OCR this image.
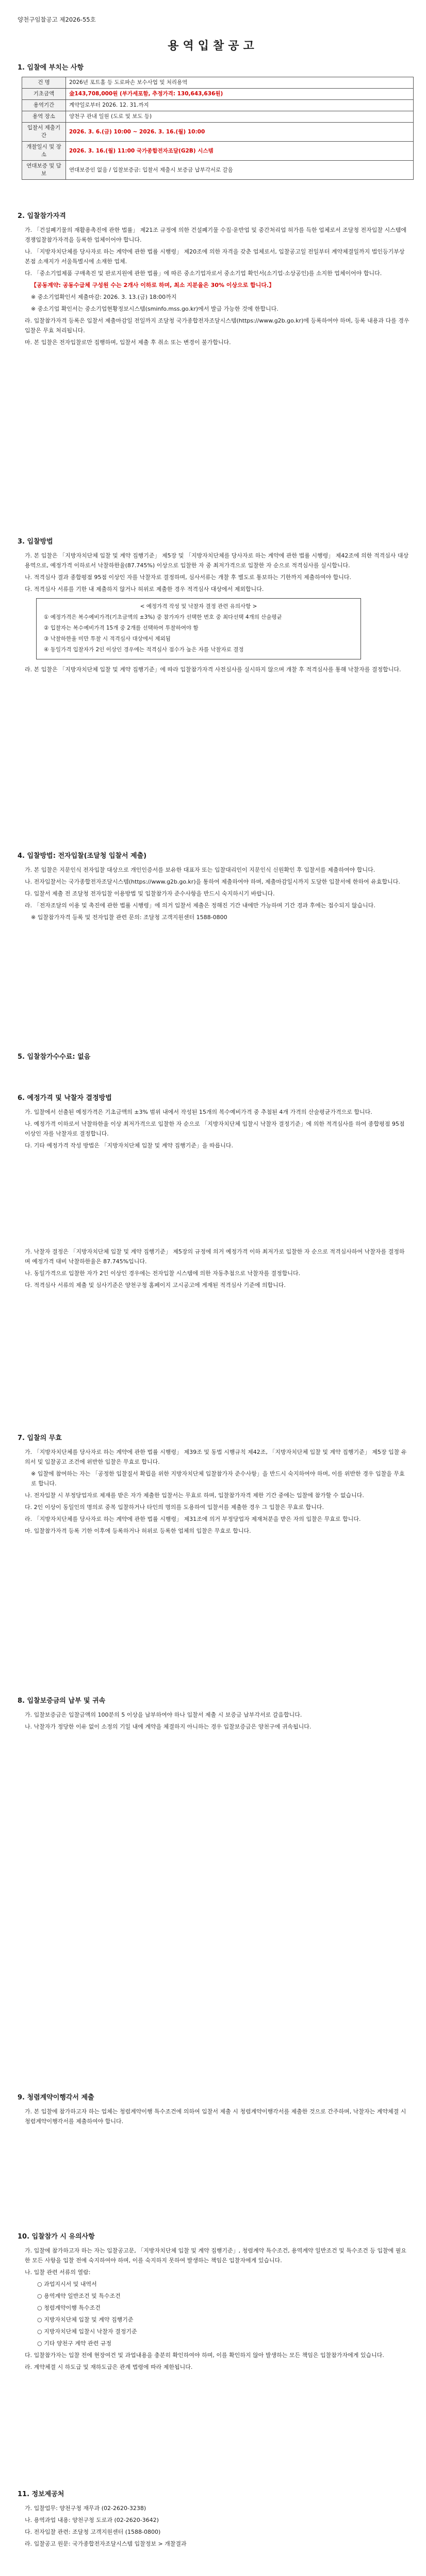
양천구임찰공고 제2026-55호
용역입찰공고
1. 입찰에 부치는 사항
건 명	2026년 포트홀 등 도로파손 보수사업 및 처리용역
기초금액	金143,708,000원 (부가세포함, 추정가격: 130,643,636원)
용역기간	계약일로부터 2026. 12. 31.까지
용역 장소	양천구 관내 일원 (도로 및 보도 등)
입찰서 제출기간	2026. 3. 6.(금) 10:00 ~ 2026. 3. 16.(월) 10:00
개찰일시 및 장소	2026. 3. 16.(월) 11:00 국가종합전자조달(G2B) 시스템
연대보증 및 담보	연대보증인 없음 / 입찰보증금: 입찰서 제출시 보증금 납부각서로 갈음
2. 입찰참가자격

가. 「건설폐기물의 재활용촉진에 관한 법률」 제21조 규정에 의한 건설폐기물 수집·운반업 및 중간처리업 허가를 득한 업체로서 조달청 전자입찰 시스템에 경쟁입찰참가자격을 등록한 업체이어야 합니다.

나. 「지방자치단체를 당사자로 하는 계약에 관한 법률 시행령」 제20조에 의한 자격을 갖춘 업체로서, 입찰공고일 전일부터 계약체결일까지 법인등기부상 본점 소재지가 서울특별시에 소재한 업체.

다. 「중소기업제품 구매촉진 및 판로지원에 관한 법률」에 따른 중소기업자로서 중소기업 확인서(소기업·소상공인)를 소지한 업체이어야 합니다.

【공동계약: 공동수급체 구성원 수는 2개사 이하로 하며, 최소 지분율은 30% 이상으로 합니다.】

※ 중소기업확인서 제출마감: 2026. 3. 13.(금) 18:00까지

※ 중소기업 확인서는 중소기업현황정보시스템(sminfo.mss.go.kr)에서 발급 가능한 것에 한합니다.

라. 입찰참가자격 등록은 입찰서 제출마감일 전일까지 조달청 국가종합전자조달시스템(https://www.g2b.go.kr)에 등록하여야 하며, 등록 내용과 다를 경우 입찰은 무효 처리됩니다.

마. 본 입찰은 전자입찰로만 집행하며, 입찰서 제출 후 취소 또는 변경이 불가합니다.

3. 입찰방법

가. 본 입찰은 「지방자치단체 입찰 및 계약 집행기준」 제5장 및 「지방자치단체를 당사자로 하는 계약에 관한 법률 시행령」 제42조에 의한 적격심사 대상 용역으로, 예정가격 이하로서 낙찰하한율(87.745%) 이상으로 입찰한 자 중 최저가격으로 입찰한 자 순으로 적격심사를 실시합니다.

나. 적격심사 결과 종합평점 95점 이상인 자를 낙찰자로 결정하며, 심사서류는 개찰 후 별도로 통보하는 기한까지 제출하여야 합니다.

다. 적격심사 서류를 기한 내 제출하지 않거나 허위로 제출한 경우 적격심사 대상에서 제외합니다.

< 예정가격 작성 및 낙찰자 결정 관련 유의사항 >

① 예정가격은 복수예비가격(기초금액의 ±3%) 중 참가자가 선택한 번호 중 최다선택 4개의 산술평균

② 입찰자는 복수예비가격 15개 중 2개를 선택하여 투찰하여야 함

③ 낙찰하한율 미만 투찰 시 적격심사 대상에서 제외됨

④ 동일가격 입찰자가 2인 이상인 경우에는 적격심사 점수가 높은 자를 낙찰자로 결정

라. 본 입찰은 「지방자치단체 입찰 및 계약 집행기준」에 따라 입찰참가자격 사전심사를 실시하지 않으며 개찰 후 적격심사를 통해 낙찰자를 결정합니다.

4. 입찰방법: 전자입찰(조달청 입찰서 제출)

가. 본 입찰은 지문인식 전자입찰 대상으로 개인인증서를 보유한 대표자 또는 입찰대리인이 지문인식 신원확인 후 입찰서를 제출하여야 합니다.

나. 전자입찰서는 국가종합전자조달시스템(https://www.g2b.go.kr)을 통하여 제출하여야 하며, 제출마감일시까지 도달한 입찰서에 한하여 유효합니다.

다. 입찰서 제출 전 조달청 전자입찰 이용방법 및 입찰참가자 준수사항을 반드시 숙지하시기 바랍니다.

라. 「전자조달의 이용 및 촉진에 관한 법률 시행령」에 의거 입찰서 제출은 정해진 기간 내에만 가능하며 기간 경과 후에는 접수되지 않습니다.

※ 입찰참가자격 등록 및 전자입찰 관련 문의: 조달청 고객지원센터 1588-0800

5. 입찰참가수수료: 없음
6. 예정가격 및 낙찰자 결정방법

가. 입찰에서 선출된 예정가격은 기초금액의 ±3% 범위 내에서 작성된 15개의 복수예비가격 중 추첨된 4개 가격의 산술평균가격으로 합니다.

나. 예정가격 이하로서 낙찰하한율 이상 최저가격으로 입찰한 자 순으로 「지방자치단체 입찰시 낙찰자 결정기준」에 의한 적격심사를 하여 종합평점 95점 이상인 자를 낙찰자로 결정합니다.

다. 기타 예정가격 작성 방법은 「지방자치단체 입찰 및 계약 집행기준」을 따릅니다.

가. 낙찰자 결정은 「지방자치단체 입찰 및 계약 집행기준」 제5장의 규정에 의거 예정가격 이하 최저가로 입찰한 자 순으로 적격심사하여 낙찰자를 결정하며 예정가격 대비 낙찰하한율은 87.745%입니다.

나. 동일가격으로 입찰한 자가 2인 이상인 경우에는 전자입찰 시스템에 의한 자동추첨으로 낙찰자를 결정합니다.

다. 적격심사 서류의 제출 및 심사기준은 양천구청 홈페이지 고시공고에 게재된 적격심사 기준에 의합니다.

7. 입찰의 무효

가. 「지방자치단체를 당사자로 하는 계약에 관한 법률 시행령」 제39조 및 동법 시행규칙 제42조, 「지방자치단체 입찰 및 계약 집행기준」 제5장 입찰 유의서 및 입찰공고 조건에 위반한 입찰은 무효로 합니다.

※ 입찰에 참여하는 자는 「공정한 입찰질서 확립을 위한 지방자치단체 입찰참가자 준수사항」을 반드시 숙지하여야 하며, 이를 위반한 경우 입찰을 무효로 합니다.

나. 전자입찰 시 부정당업자로 제재를 받은 자가 제출한 입찰서는 무효로 하며, 입찰참가자격 제한 기간 중에는 입찰에 참가할 수 없습니다.

다. 2인 이상이 동일인의 명의로 중복 입찰하거나 타인의 명의를 도용하여 입찰서를 제출한 경우 그 입찰은 무효로 합니다.

라. 「지방자치단체를 당사자로 하는 계약에 관한 법률 시행령」 제31조에 의거 부정당업자 제재처분을 받은 자의 입찰은 무효로 합니다.

마. 입찰참가자격 등록 기한 이후에 등록하거나 허위로 등록한 업체의 입찰은 무효로 합니다.

8. 입찰보증금의 납부 및 귀속

가. 입찰보증금은 입찰금액의 100분의 5 이상을 납부하여야 하나 입찰서 제출 시 보증금 납부각서로 갈음합니다.

나. 낙찰자가 정당한 이유 없이 소정의 기일 내에 계약을 체결하지 아니하는 경우 입찰보증금은 양천구에 귀속됩니다.

9. 청렴계약이행각서 제출

가. 본 입찰에 참가하고자 하는 업체는 청렴계약이행 특수조건에 의하여 입찰서 제출 시 청렴계약이행각서를 제출한 것으로 간주하며, 낙찰자는 계약체결 시 청렴계약이행각서를 제출하여야 합니다.

10. 입찰참가 시 유의사항

가. 입찰에 참가하고자 하는 자는 입찰공고문, 「지방자치단체 입찰 및 계약 집행기준」, 청렴계약 특수조건, 용역계약 일반조건 및 특수조건 등 입찰에 필요한 모든 사항을 입찰 전에 숙지하여야 하며, 이를 숙지하지 못하여 발생하는 책임은 입찰자에게 있습니다.

나. 입찰 관련 서류의 열람:

○ 과업지시서 및 내역서

○ 용역계약 일반조건 및 특수조건

○ 청렴계약이행 특수조건

○ 지방자치단체 입찰 및 계약 집행기준

○ 지방자치단체 입찰시 낙찰자 결정기준

○ 기타 양천구 계약 관련 규정

다. 입찰참가자는 입찰 전에 현장여건 및 과업내용을 충분히 확인하여야 하며, 이를 확인하지 않아 발생하는 모든 책임은 입찰참가자에게 있습니다.

라. 계약체결 시 하도급 및 재하도급은 관계 법령에 따라 제한됩니다.

11. 정보제공처

가. 입찰업무: 양천구청 재무과 (02-2620-3238)

나. 용역과업 내용: 양천구청 도로과 (02-2620-3642)

다. 전자입찰 관련: 조달청 고객지원센터 (1588-0800)

라. 입찰공고 원문: 국가종합전자조달시스템 입찰정보 > 개찰결과
